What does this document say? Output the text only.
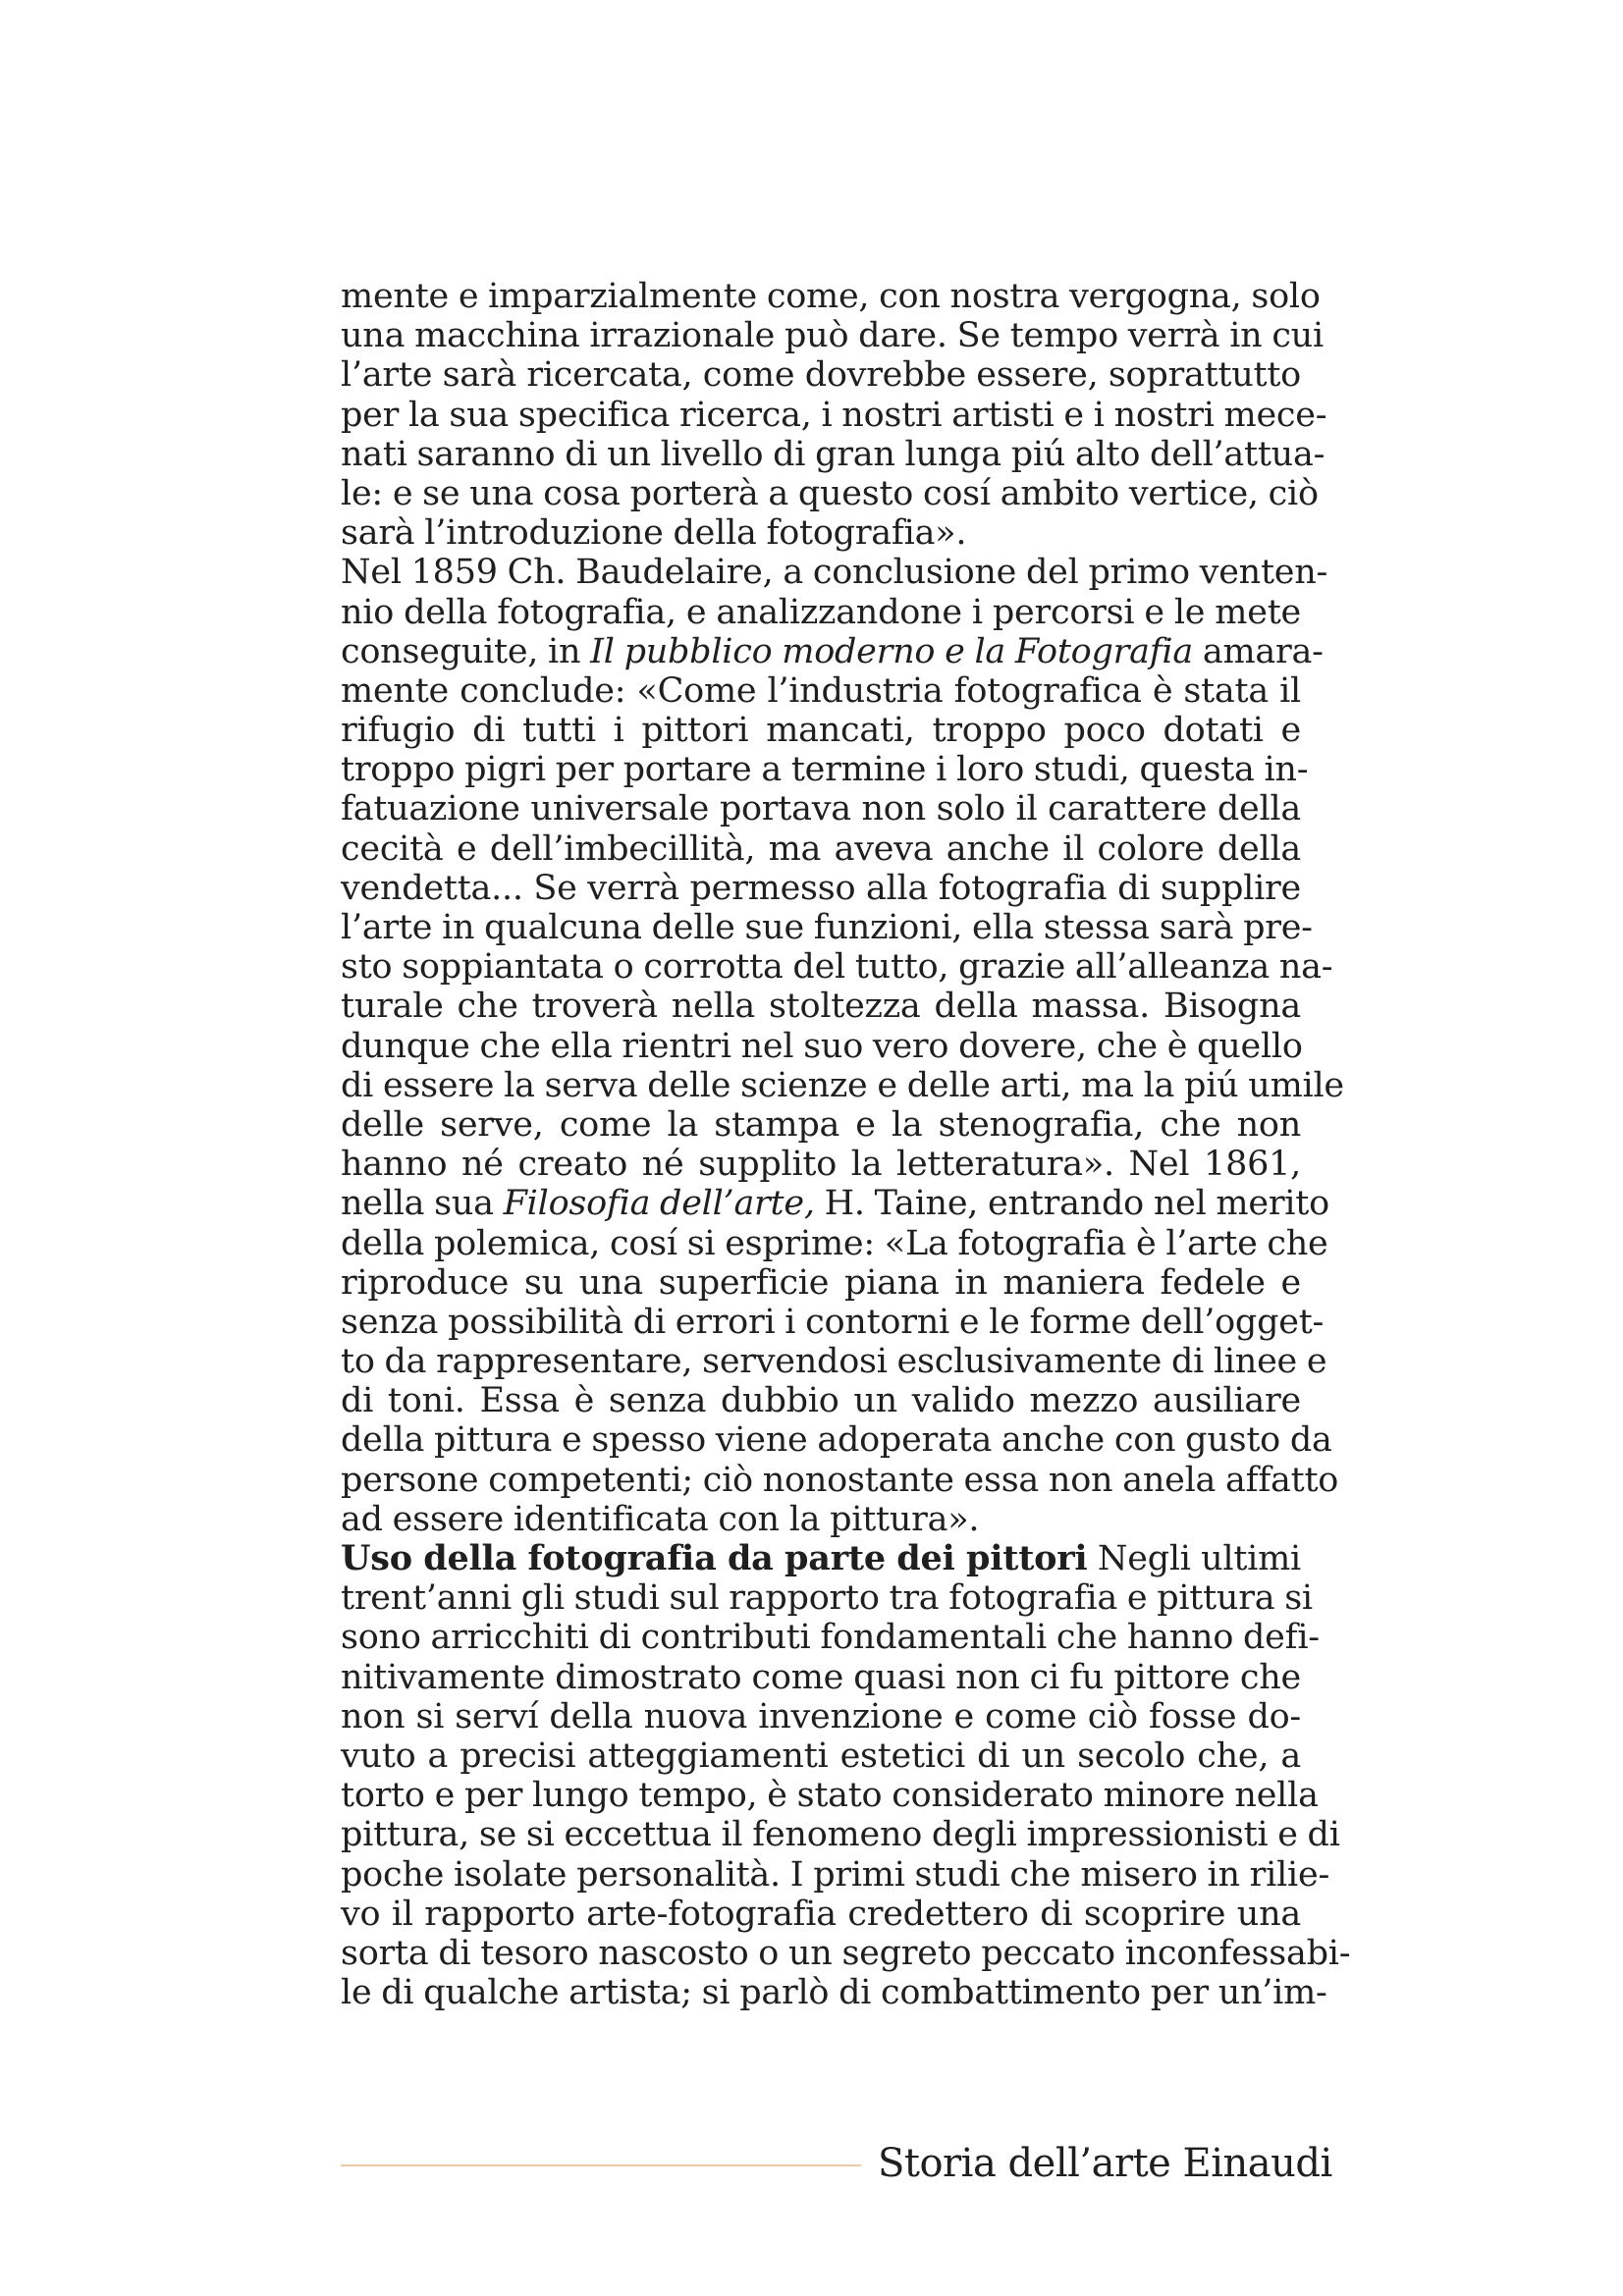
mente e imparzialmente come, con nostra vergogna, solo
una macchina irrazionale può dare. Se tempo verrà in cui
l’arte sarà ricercata, come dovrebbe essere, soprattutto
per la sua specifica ricerca, i nostri artisti e i nostri mece-
nati saranno di un livello di gran lunga piú alto dell’attua-
le: e se una cosa porterà a questo cosí ambito vertice, ciò
sarà l’introduzione della fotografia».
Nel 1859 Ch. Baudelaire, a conclusione del primo venten-
nio della fotografia, e analizzandone i percorsi e le mete
conseguite, in Il pubblico moderno e la Fotografia amara-
mente conclude: «Come l’industria fotografica è stata il
rifugio di tutti i pittori mancati, troppo poco dotati e
troppo pigri per portare a termine i loro studi, questa in-
fatuazione universale portava non solo il carattere della
cecità e dell’imbecillità, ma aveva anche il colore della
vendetta... Se verrà permesso alla fotografia di supplire
l’arte in qualcuna delle sue funzioni, ella stessa sarà pre-
sto soppiantata o corrotta del tutto, grazie all’alleanza na-
turale che troverà nella stoltezza della massa. Bisogna
dunque che ella rientri nel suo vero dovere, che è quello
di essere la serva delle scienze e delle arti, ma la piú umile
delle serve, come la stampa e la stenografia, che non
hanno né creato né supplito la letteratura». Nel 1861,
nella sua Filosofia dell’arte, H. Taine, entrando nel merito
della polemica, cosí si esprime: «La fotografia è l’arte che
riproduce su una superficie piana in maniera fedele e
senza possibilità di errori i contorni e le forme dell’ogget-
to da rappresentare, servendosi esclusivamente di linee e
di toni. Essa è senza dubbio un valido mezzo ausiliare
della pittura e spesso viene adoperata anche con gusto da
persone competenti; ciò nonostante essa non anela affatto
ad essere identificata con la pittura».
Uso della fotografia da parte dei pittori Negli ultimi
trent’anni gli studi sul rapporto tra fotografia e pittura si
sono arricchiti di contributi fondamentali che hanno defi-
nitivamente dimostrato come quasi non ci fu pittore che
non si serví della nuova invenzione e come ciò fosse do-
vuto a precisi atteggiamenti estetici di un secolo che, a
torto e per lungo tempo, è stato considerato minore nella
pittura, se si eccettua il fenomeno degli impressionisti e di
poche isolate personalità. I primi studi che misero in rilie-
vo il rapporto arte-fotografia credettero di scoprire una
sorta di tesoro nascosto o un segreto peccato inconfessabi-
le di qualche artista; si parlò di combattimento per un’im-
Storia dell’arte Einaudi
